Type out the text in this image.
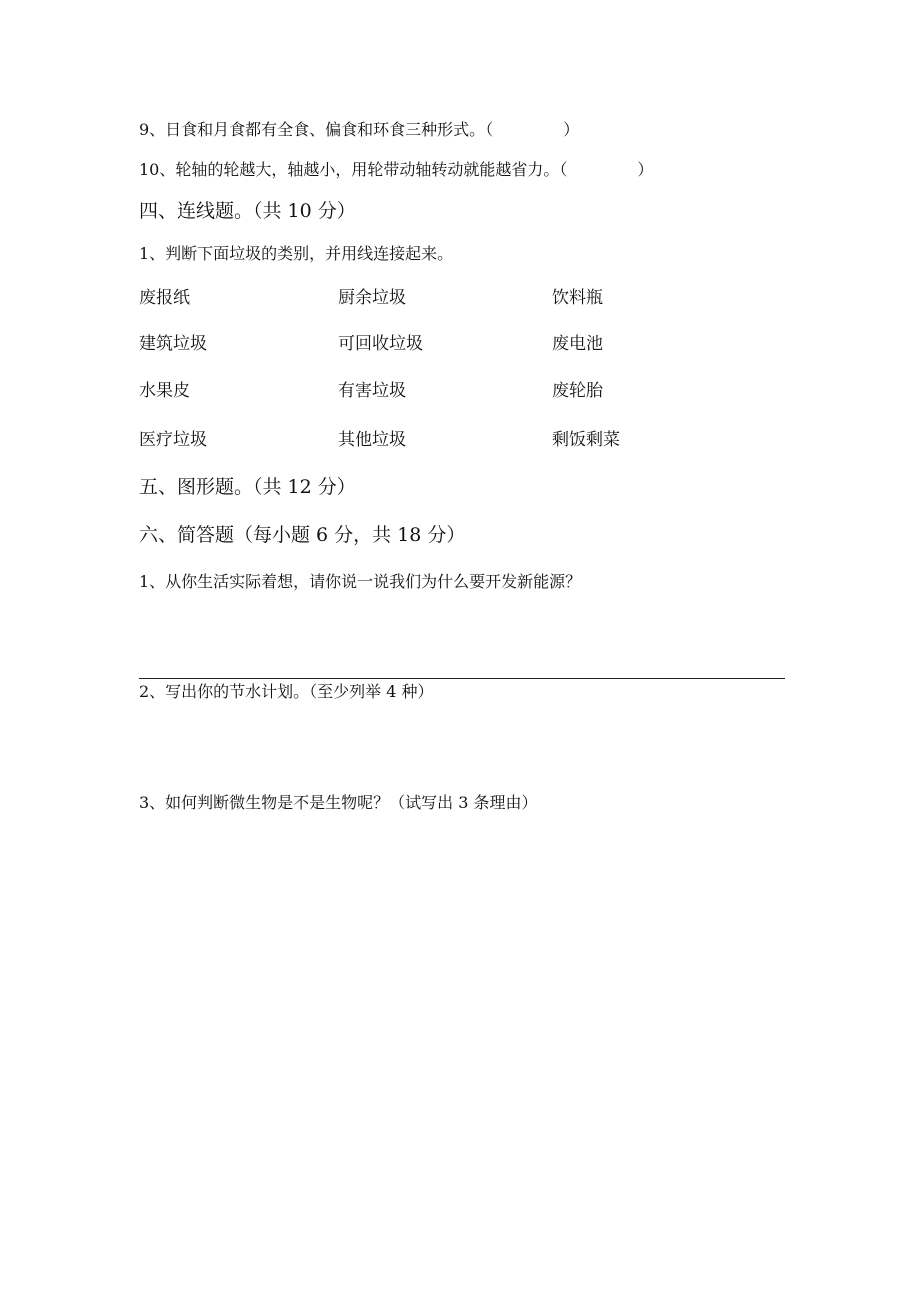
9、日食和月食都有全食、偏食和环食三种形式。（	）
10、轮轴的轮越大，轴越小，用轮带动轴转动就能越省力。（	）
四、连线题。（共 10 分）
1、判断下面垃圾的类别，并用线连接起来。
废报纸	厨余垃圾	饮料瓶
建筑垃圾	可回收垃圾	废电池
水果皮	有害垃圾	废轮胎
医疗垃圾	其他垃圾	剩饭剩菜
五、图形题。（共 12 分）
六、简答题（每小题 6 分，共 18 分）
1、从你生活实际着想，请你说一说我们为什么要开发新能源？
2、写出你的节水计划。（至少列举 4 种）
3、如何判断微生物是不是生物呢？（试写出 3 条理由）
